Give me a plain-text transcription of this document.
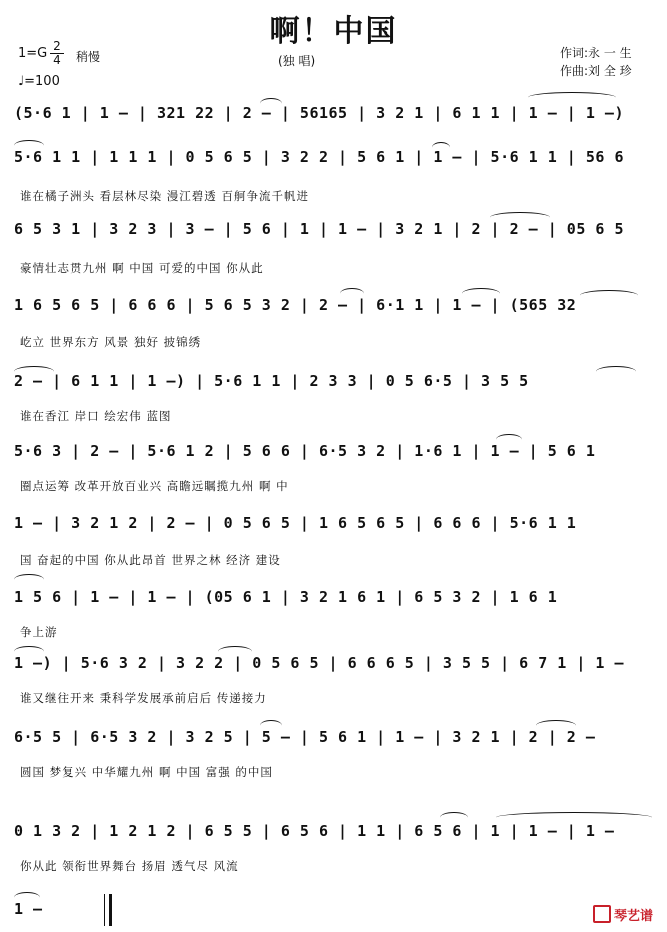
啊！中国
1=G 2
4 稍慢
♩=100
(独 唱)
作词:永 一 生
作曲:刘 全 珍
(5·6 1 | 1 – | 321 22 | 2 – | 56165 | 3 2 1 | 6 1 1 | 1 – | 1 –)
5·6 1 1 | 1 1 1 | 0 5 6 5 | 3 2 2 | 5 6 1 | 1 – | 5·6 1 1 | 56 6
谁在橘子洲头 看层林尽染 漫江碧透 百舸争流千帆进
6 5 3 1 | 3 2 3 | 3 – | 5 6 | 1 | 1 – | 3 2 1 | 2 | 2 – | 05 6 5
豪情壮志贯九州 啊 中国 可爱的中国 你从此
1 6 5 6 5 | 6 6 6 | 5 6 5 3 2 | 2 – | 6·1 1 | 1 – | (565 32
屹立 世界东方 风景 独好 披锦绣
2 – | 6 1 1 | 1 –) | 5·6 1 1 | 2 3 3 | 0 5 6·5 | 3 5 5
谁在香江 岸口 绘宏伟 蓝图
5·6 3 | 2 – | 5·6 1 2 | 5 6 6 | 6·5 3 2 | 1·6 1 | 1 – | 5 6 1
圈点运筹 改革开放百业兴 高瞻远瞩揽九州 啊 中
1 – | 3 2 1 2 | 2 – | 0 5 6 5 | 1 6 5 6 5 | 6 6 6 | 5·6 1 1
国 奋起的中国 你从此昂首 世界之林 经济 建设
1 5 6 | 1 – | 1 – | (05 6 1 | 3 2 1 6 1 | 6 5 3 2 | 1 6 1
争上游
1 –) | 5·6 3 2 | 3 2 2 | 0 5 6 5 | 6 6 6 5 | 3 5 5 | 6 7 1 | 1 –
谁又继往开来 秉科学发展承前启后 传递接力
6·5 5 | 6·5 3 2 | 3 2 5 | 5 – | 5 6 1 | 1 – | 3 2 1 | 2 | 2 –
圆国 梦复兴 中华耀九州 啊 中国 富强 的中国
0 1 3 2 | 1 2 1 2 | 6 5 5 | 6 5 6 | 1 1 | 6 5 6 | 1 | 1 – | 1 –
你从此 领衔世界舞台 扬眉 透气尽 风流
1 –	琴艺谱
